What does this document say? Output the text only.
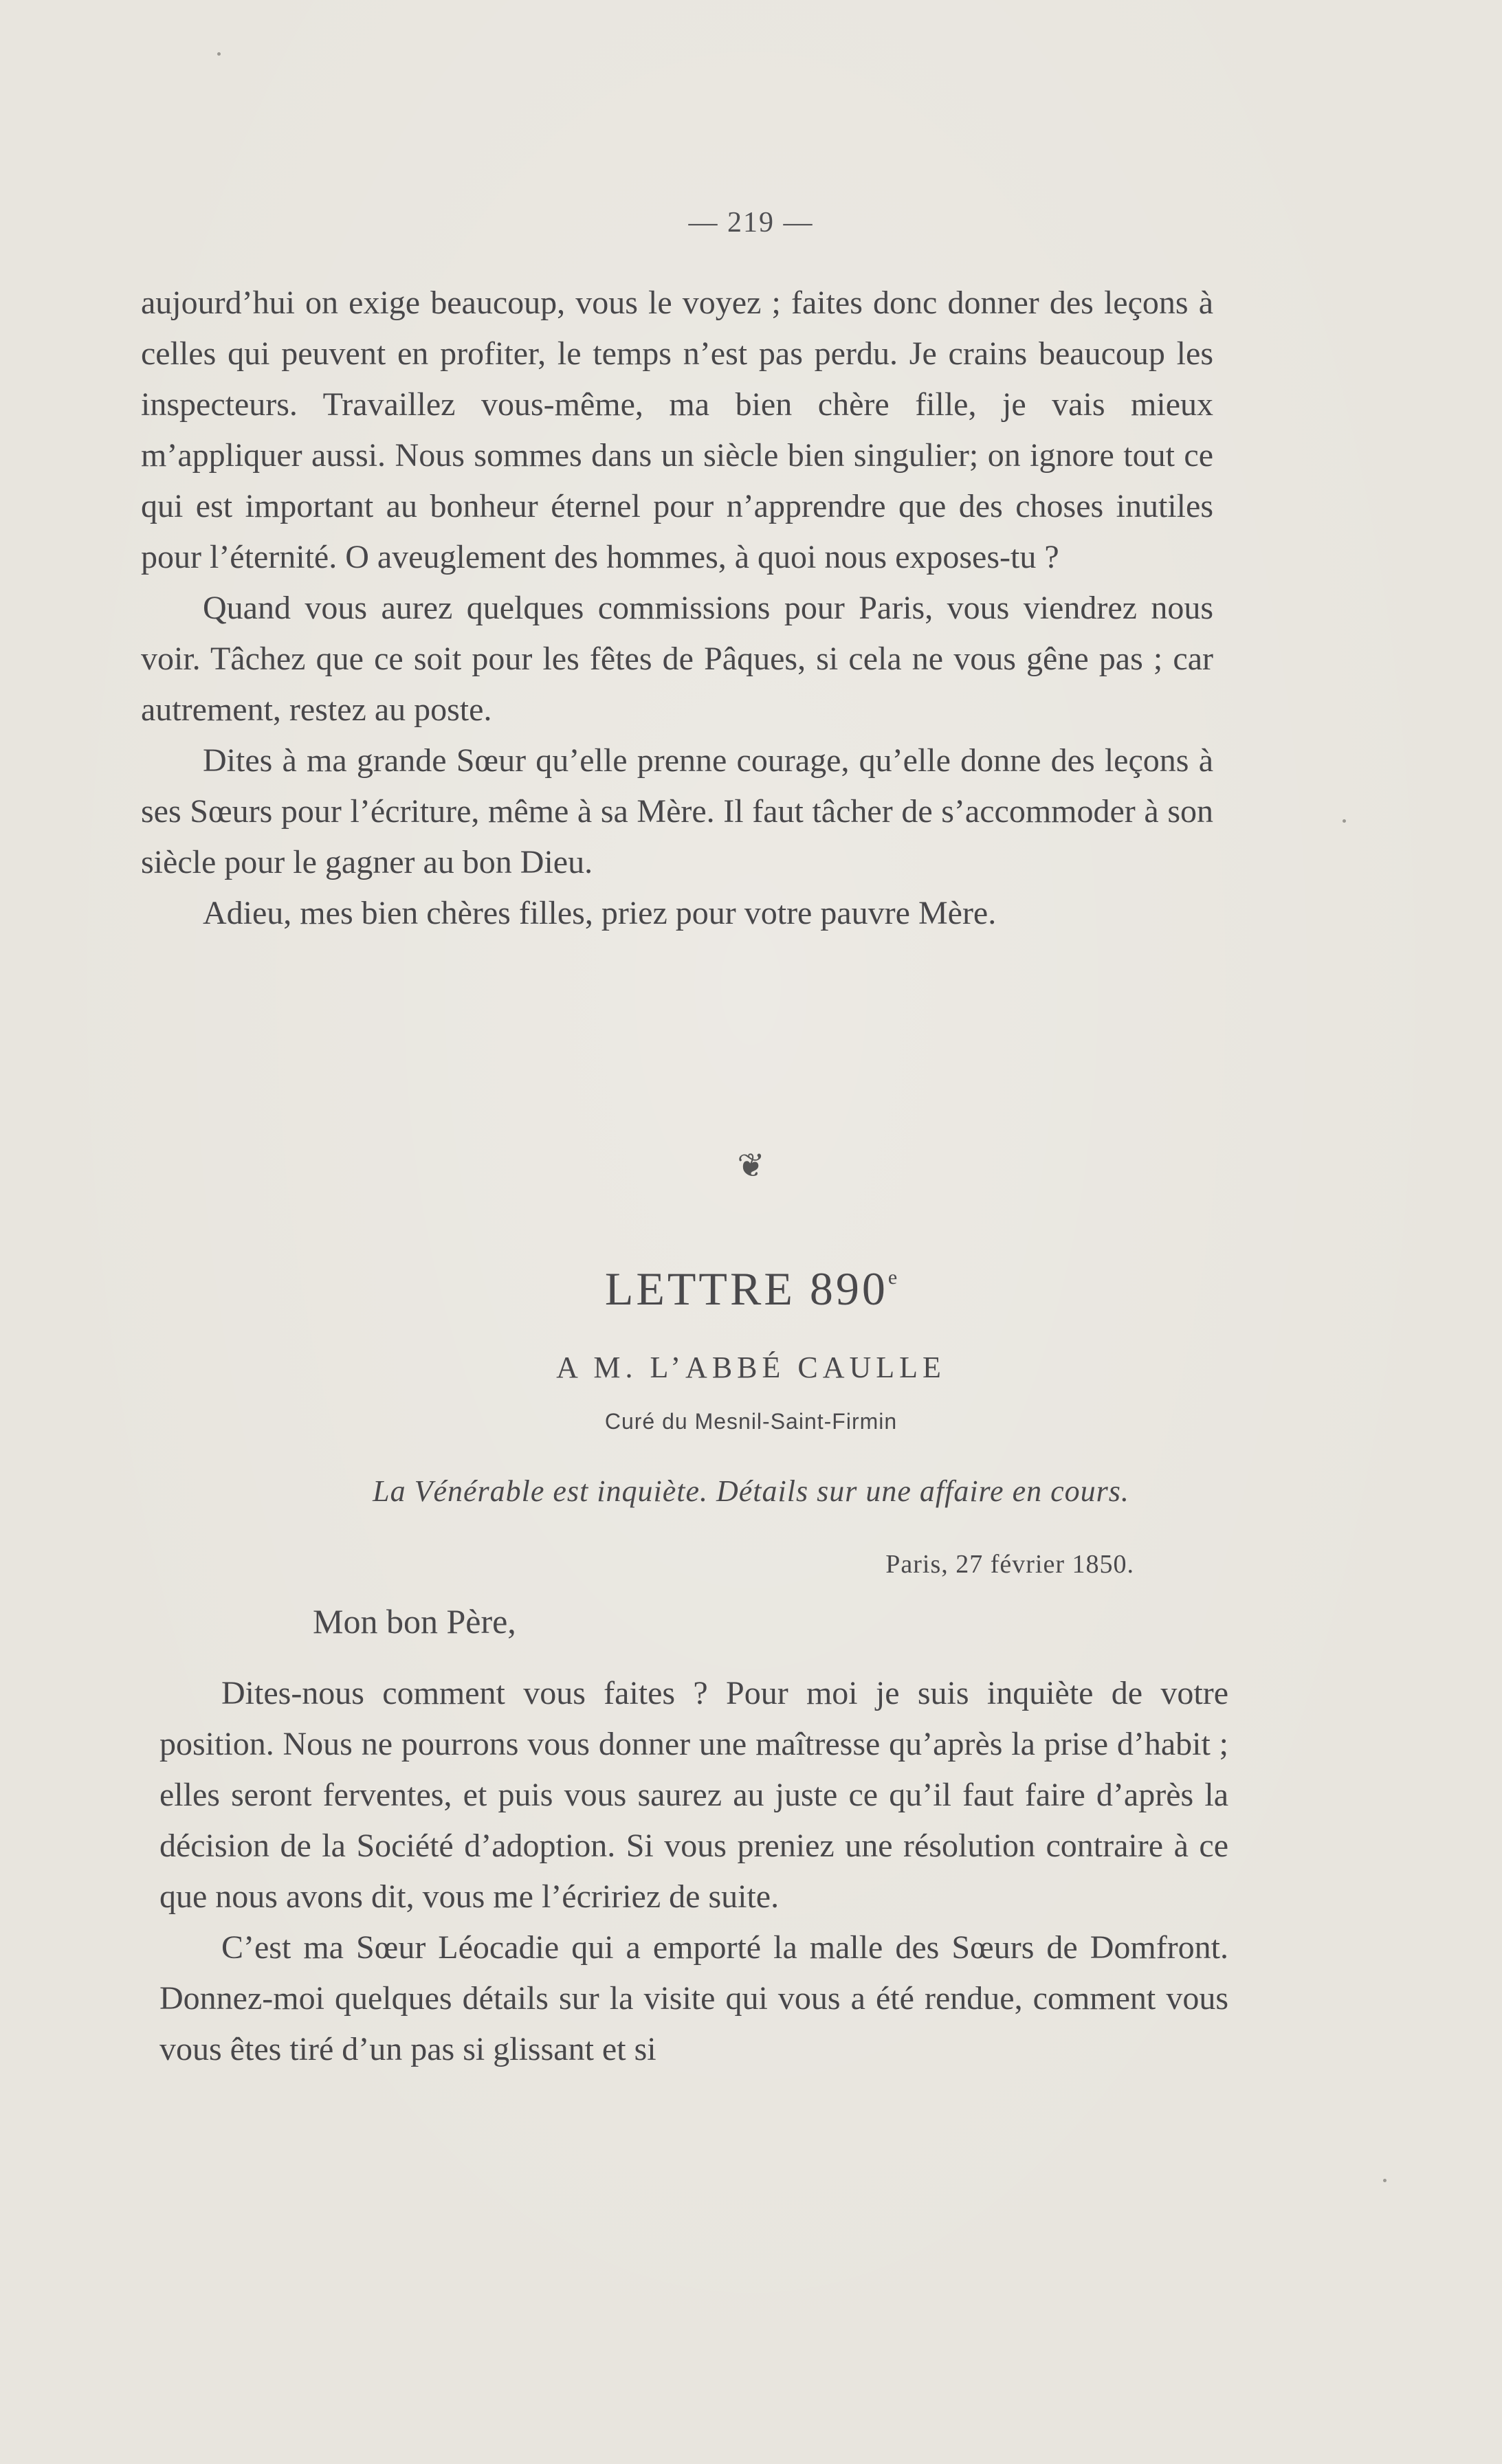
— 219 —

aujourd’hui on exige beaucoup, vous le voyez ; faites donc donner des leçons à celles qui peuvent en profiter, le temps n’est pas perdu. Je crains beaucoup les inspecteurs. Travaillez vous-même, ma bien chère fille, je vais mieux m’appliquer aussi. Nous sommes dans un siècle bien singulier; on ignore tout ce qui est important au bonheur éternel pour n’apprendre que des choses inutiles pour l’éternité. O aveuglement des hommes, à quoi nous exposes-tu ?

Quand vous aurez quelques commissions pour Paris, vous viendrez nous voir. Tâchez que ce soit pour les fêtes de Pâques, si cela ne vous gêne pas ; car autrement, restez au poste.

Dites à ma grande Sœur qu’elle prenne courage, qu’elle donne des leçons à ses Sœurs pour l’écriture, même à sa Mère. Il faut tâcher de s’accommoder à son siècle pour le gagner au bon Dieu.

Adieu, mes bien chères filles, priez pour votre pauvre Mère.

❦
LETTRE 890e
A M. L’ABBÉ CAULLE
Curé du Mesnil-Saint-Firmin
La Vénérable est inquiète. Détails sur une affaire en cours.
Paris, 27 février 1850.
Mon bon Père,

Dites-nous comment vous faites ? Pour moi je suis inquiète de votre position. Nous ne pourrons vous donner une maîtresse qu’après la prise d’habit ; elles seront ferventes, et puis vous saurez au juste ce qu’il faut faire d’après la décision de la Société d’adoption. Si vous preniez une résolution contraire à ce que nous avons dit, vous me l’écririez de suite.

C’est ma Sœur Léocadie qui a emporté la malle des Sœurs de Domfront. Donnez-moi quelques détails sur la visite qui vous a été rendue, comment vous vous êtes tiré d’un pas si glissant et si
